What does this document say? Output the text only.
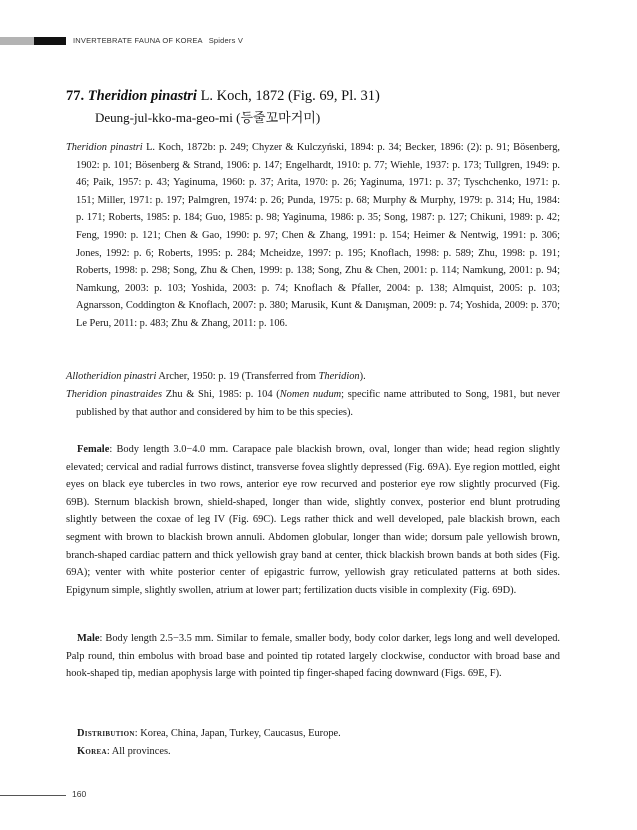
INVERTEBRATE FAUNA OF KOREA Spiders V
77. Theridion pinastri L. Koch, 1872 (Fig. 69, Pl. 31)
Deung-jul-kko-ma-geo-mi (등줄꼬마거미)

Theridion pinastri L. Koch, 1872b: p. 249; Chyzer & Kulczyński, 1894: p. 34; Becker, 1896: (2): p. 91; Bösenberg, 1902: p. 101; Bösenberg & Strand, 1906: p. 147; Engelhardt, 1910: p. 77; Wiehle, 1937: p. 173; Tullgren, 1949: p. 46; Paik, 1957: p. 43; Yaginuma, 1960: p. 37; Arita, 1970: p. 26; Yaginuma, 1971: p. 37; Tyschchenko, 1971: p. 151; Miller, 1971: p. 197; Palmgren, 1974: p. 26; Punda, 1975: p. 68; Murphy & Murphy, 1979: p. 314; Hu, 1984: p. 171; Roberts, 1985: p. 184; Guo, 1985: p. 98; Yaginuma, 1986: p. 35; Song, 1987: p. 127; Chikuni, 1989: p. 42; Feng, 1990: p. 121; Chen & Gao, 1990: p. 97; Chen & Zhang, 1991: p. 154; Heimer & Nentwig, 1991: p. 306; Jones, 1992: p. 6; Roberts, 1995: p. 284; Mcheidze, 1997: p. 195; Knoflach, 1998: p. 589; Zhu, 1998: p. 191; Roberts, 1998: p. 298; Song, Zhu & Chen, 1999: p. 138; Song, Zhu & Chen, 2001: p. 114; Namkung, 2001: p. 94; Namkung, 2003: p. 103; Yoshida, 2003: p. 74; Knoflach & Pfaller, 2004: p. 138; Almquist, 2005: p. 103; Agnarsson, Coddington & Knoflach, 2007: p. 380; Marusik, Kunt & Danışman, 2009: p. 74; Yoshida, 2009: p. 370; Le Peru, 2011: p. 483; Zhu & Zhang, 2011: p. 106.

Allotheridion pinastri Archer, 1950: p. 19 (Transferred from Theridion).

Theridion pinastraides Zhu & Shi, 1985: p. 104 (Nomen nudum; specific name attributed to Song, 1981, but never published by that author and considered by him to be this species).

Female: Body length 3.0−4.0 mm. Carapace pale blackish brown, oval, longer than wide; head region slightly elevated; cervical and radial furrows distinct, transverse fovea slightly depressed (Fig. 69A). Eye region mottled, eight eyes on black eye tubercles in two rows, anterior eye row recurved and posterior eye row slightly procurved (Fig. 69B). Sternum blackish brown, shield-shaped, longer than wide, slightly convex, posterior end blunt protruding slightly between the coxae of leg IV (Fig. 69C). Legs rather thick and well developed, pale blackish brown, each segment with brown to blackish brown annuli. Abdomen globular, longer than wide; dorsum pale yellowish brown, branch-shaped cardiac pattern and thick yellowish gray band at center, thick blackish brown bands at both sides (Fig. 69A); venter with white posterior center of epigastric furrow, yellowish gray reticulated patterns at both sides. Epigynum simple, slightly swollen, atrium at lower part; fertilization ducts visible in complexity (Fig. 69D).

Male: Body length 2.5−3.5 mm. Similar to female, smaller body, body color darker, legs long and well developed. Palp round, thin embolus with broad base and pointed tip rotated largely clockwise, conductor with broad base and hook-shaped tip, median apophysis large with pointed tip finger-shaped facing downward (Figs. 69E, F).

Distribution: Korea, China, Japan, Turkey, Caucasus, Europe.
Korea: All provinces.
160
